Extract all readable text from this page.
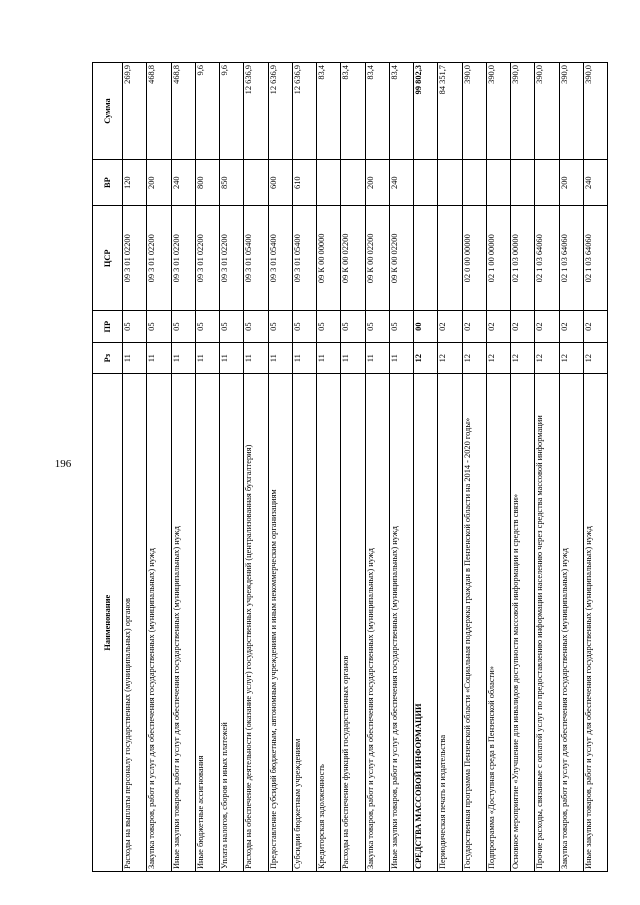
196
Наименование	Рз	ПР	ЦСР	ВР	Сумма
Расходы на выплаты персоналу государственных (муниципальных) органов	11	05	09 3 01 02200	120	269,9
Закупка товаров, работ и услуг для обеспечения государственных (муниципальных) нужд	11	05	09 3 01 02200	200	468,8
Иные закупки товаров, работ и услуг для обеспечения государственных (муниципальных) нужд	11	05	09 3 01 02200	240	468,8
Иные бюджетные ассигнования	11	05	09 3 01 02200	800	9,6
Уплата налогов, сборов и иных платежей	11	05	09 3 01 02200	850	9,6
Расходы на обеспечение деятельности (оказание услуг) государственных учреждений (централизованная бухгалтерия)	11	05	09 3 01 05400		12 636,9
Предоставление субсидий бюджетным, автономным учреждениям и иным некоммерческим организациям	11	05	09 3 01 05400	600	12 636,9
Субсидии бюджетным учреждениям	11	05	09 3 01 05400	610	12 636,9
Кредиторская задолженность	11	05	09 К 00 00000		83,4
Расходы на обеспечение функций государственных органов	11	05	09 К 00 02200		83,4
Закупка товаров, работ и услуг для обеспечения государственных (муниципальных) нужд	11	05	09 К 00 02200	200	83,4
Иные закупки товаров, работ и услуг для обеспечения государственных (муниципальных) нужд	11	05	09 К 00 02200	240	83,4
СРЕДСТВА МАССОВОЙ ИНФОРМАЦИИ	12	00			99 802,3
Периодическая печать и издательства	12	02			84 351,7
Государственная программа Пензенской области «Социальная поддержка граждан в Пензенской области на 2014 - 2020 годы»	12	02	02 0 00 00000		390,0
Подпрограмма «Доступная среда в Пензенской области»	12	02	02 1 00 00000		390,0
Основное мероприятие «Улучшение для инвалидов доступности массовой информации и средств связи»	12	02	02 1 03 00000		390,0
Прочие расходы, связанные с оплатой услуг по предоставлению информации населению через средства массовой информации	12	02	02 1 03 64060		390,0
Закупка товаров, работ и услуг для обеспечения государственных (муниципальных) нужд	12	02	02 1 03 64060	200	390,0
Иные закупки товаров, работ и услуг для обеспечения государственных (муниципальных) нужд	12	02	02 1 03 64060	240	390,0
